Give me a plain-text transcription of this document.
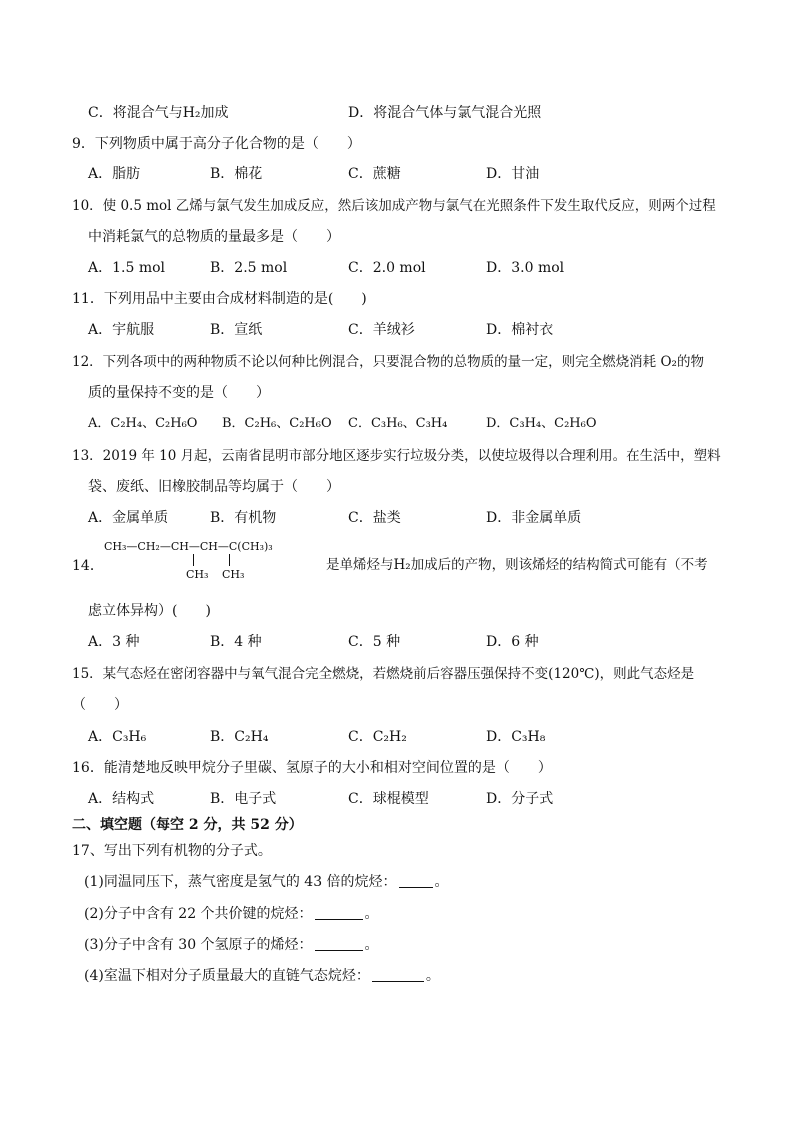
C．将混合气与H₂加成	D．将混合气体与氯气混合光照
9．下列物质中属于高分子化合物的是（　　）
A．脂肪	B．棉花	C．蔗糖	D．甘油
10．使 0.5 mol 乙烯与氯气发生加成反应，然后该加成产物与氯气在光照条件下发生取代反应，则两个过程
中消耗氯气的总物质的量最多是（　　）
A．1.5 mol	B．2.5 mol	C．2.0 mol	D．3.0 mol
11．下列用品中主要由合成材料制造的是(　　)
A．宇航服	B．宣纸	C．羊绒衫	D．棉衬衣
12．下列各项中的两种物质不论以何种比例混合，只要混合物的总物质的量一定，则完全燃烧消耗 O₂的物
质的量保持不变的是（　　）
A．C₂H₄、C₂H₆O B．C₂H₆、C₂H₆O C．C₃H₆、C₃H₄	D．C₃H₄、C₂H₆O
13．2019 年 10 月起，云南省昆明市部分地区逐步实行垃圾分类，以使垃圾得以合理利用。在生活中，塑料
袋、废纸、旧橡胶制品等均属于（　　）
A．金属单质	B．有机物	C．盐类	D．非金属单质
14．
CH₃—CH₂—CH—CH—C(CH₃)₃
CH₃ CH₃
是单烯烃与H₂加成后的产物，则该烯烃的结构简式可能有（不考
虑立体异构）(　　)
A．3 种	B．4 种	C．5 种	D．6 种
15．某气态烃在密闭容器中与氧气混合完全燃烧，若燃烧前后容器压强保持不变(120℃)，则此气态烃是
（　　）
A．C₃H₆	B．C₂H₄	C．C₂H₂	D．C₃H₈
16．能清楚地反映甲烷分子里碳、氢原子的大小和相对空间位置的是（　　）
A．结构式	B．电子式	C．球棍模型	D．分子式
二、填空题（每空 2 分，共 52 分）
17、写出下列有机物的分子式。
(1)同温同压下，蒸气密度是氢气的 43 倍的烷烃：	。
(2)分子中含有 22 个共价键的烷烃：	。
(3)分子中含有 30 个氢原子的烯烃：	。
(4)室温下相对分子质量最大的直链气态烷烃：	。
